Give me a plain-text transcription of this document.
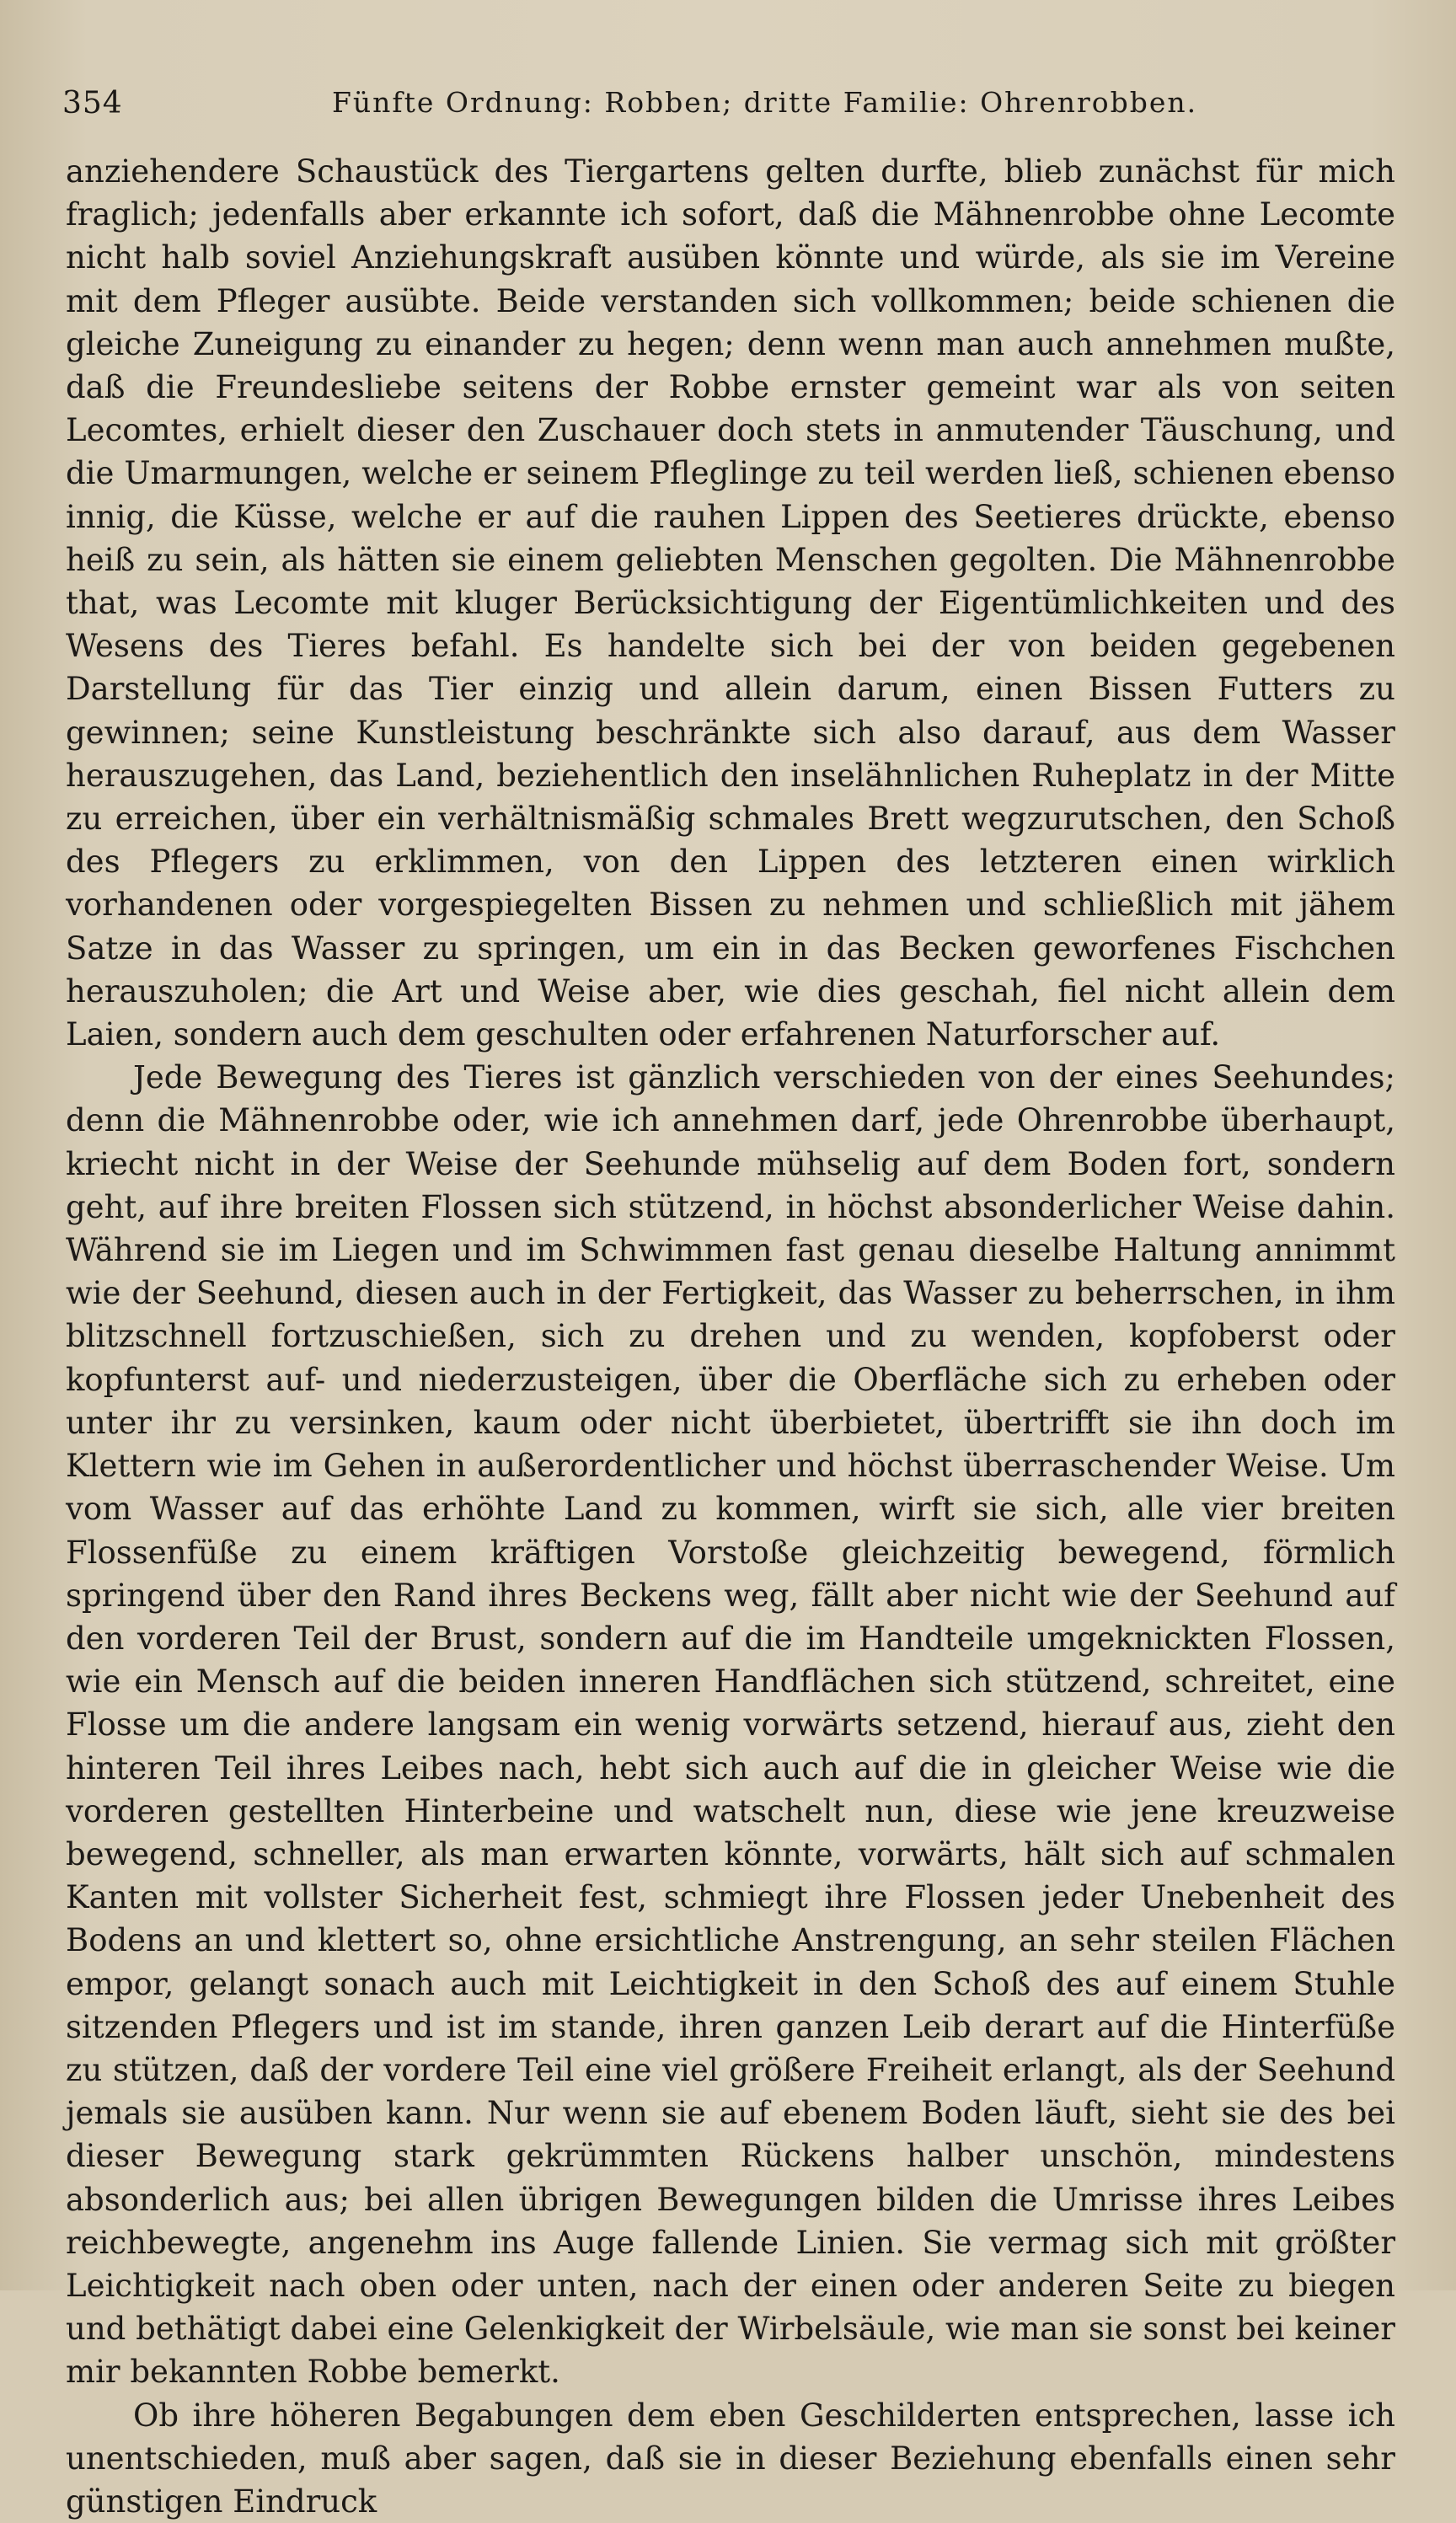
354	Fünfte Ordnung: Robben; dritte Familie: Ohrenrobben.

anziehendere Schaustück des Tiergartens gelten durfte, blieb zunächst für mich fraglich; jedenfalls aber erkannte ich sofort, daß die Mähnenrobbe ohne Lecomte nicht halb soviel Anziehungskraft ausüben könnte und würde, als sie im Vereine mit dem Pfleger ausübte. Beide verstanden sich vollkommen; beide schienen die gleiche Zuneigung zu einander zu hegen; denn wenn man auch annehmen mußte, daß die Freundesliebe seitens der Robbe ernster gemeint war als von seiten Lecomtes, erhielt dieser den Zuschauer doch stets in anmutender Täuschung, und die Umarmungen, welche er seinem Pfleglinge zu teil werden ließ, schienen ebenso innig, die Küsse, welche er auf die rauhen Lippen des Seetieres drückte, ebenso heiß zu sein, als hätten sie einem geliebten Menschen gegolten. Die Mähnenrobbe that, was Lecomte mit kluger Berücksichtigung der Eigentümlichkeiten und des Wesens des Tieres befahl. Es handelte sich bei der von beiden gegebenen Darstellung für das Tier einzig und allein darum, einen Bissen Futters zu gewinnen; seine Kunstleistung beschränkte sich also darauf, aus dem Wasser herauszugehen, das Land, beziehentlich den inselähnlichen Ruheplatz in der Mitte zu erreichen, über ein verhältnismäßig schmales Brett wegzurutschen, den Schoß des Pflegers zu erklimmen, von den Lippen des letzteren einen wirklich vorhandenen oder vorgespiegelten Bissen zu nehmen und schließlich mit jähem Satze in das Wasser zu springen, um ein in das Becken geworfenes Fischchen herauszuholen; die Art und Weise aber, wie dies geschah, fiel nicht allein dem Laien, sondern auch dem geschulten oder erfahrenen Naturforscher auf.

Jede Bewegung des Tieres ist gänzlich verschieden von der eines Seehundes; denn die Mähnenrobbe oder, wie ich annehmen darf, jede Ohrenrobbe überhaupt, kriecht nicht in der Weise der Seehunde mühselig auf dem Boden fort, sondern geht, auf ihre breiten Flossen sich stützend, in höchst absonderlicher Weise dahin. Während sie im Liegen und im Schwimmen fast genau dieselbe Haltung annimmt wie der Seehund, diesen auch in der Fertigkeit, das Wasser zu beherrschen, in ihm blitzschnell fortzuschießen, sich zu drehen und zu wenden, kopfoberst oder kopfunterst auf- und niederzusteigen, über die Oberfläche sich zu erheben oder unter ihr zu versinken, kaum oder nicht überbietet, übertrifft sie ihn doch im Klettern wie im Gehen in außerordentlicher und höchst überraschender Weise. Um vom Wasser auf das erhöhte Land zu kommen, wirft sie sich, alle vier breiten Flossenfüße zu einem kräftigen Vorstoße gleichzeitig bewegend, förmlich springend über den Rand ihres Beckens weg, fällt aber nicht wie der Seehund auf den vorderen Teil der Brust, sondern auf die im Handteile umgeknickten Flossen, wie ein Mensch auf die beiden inneren Handflächen sich stützend, schreitet, eine Flosse um die andere langsam ein wenig vorwärts setzend, hierauf aus, zieht den hinteren Teil ihres Leibes nach, hebt sich auch auf die in gleicher Weise wie die vorderen gestellten Hinterbeine und watschelt nun, diese wie jene kreuzweise bewegend, schneller, als man erwarten könnte, vorwärts, hält sich auf schmalen Kanten mit vollster Sicherheit fest, schmiegt ihre Flossen jeder Unebenheit des Bodens an und klettert so, ohne ersichtliche Anstrengung, an sehr steilen Flächen empor, gelangt sonach auch mit Leichtigkeit in den Schoß des auf einem Stuhle sitzenden Pflegers und ist im stande, ihren ganzen Leib derart auf die Hinterfüße zu stützen, daß der vordere Teil eine viel größere Freiheit erlangt, als der Seehund jemals sie ausüben kann. Nur wenn sie auf ebenem Boden läuft, sieht sie des bei dieser Bewegung stark gekrümmten Rückens halber unschön, mindestens absonderlich aus; bei allen übrigen Bewegungen bilden die Umrisse ihres Leibes reichbewegte, angenehm ins Auge fallende Linien. Sie vermag sich mit größter Leichtigkeit nach oben oder unten, nach der einen oder anderen Seite zu biegen und bethätigt dabei eine Gelenkigkeit der Wirbelsäule, wie man sie sonst bei keiner mir bekannten Robbe bemerkt.

Ob ihre höheren Begabungen dem eben Geschilderten entsprechen, lasse ich unentschieden, muß aber sagen, daß sie in dieser Beziehung ebenfalls einen sehr günstigen Eindruck
